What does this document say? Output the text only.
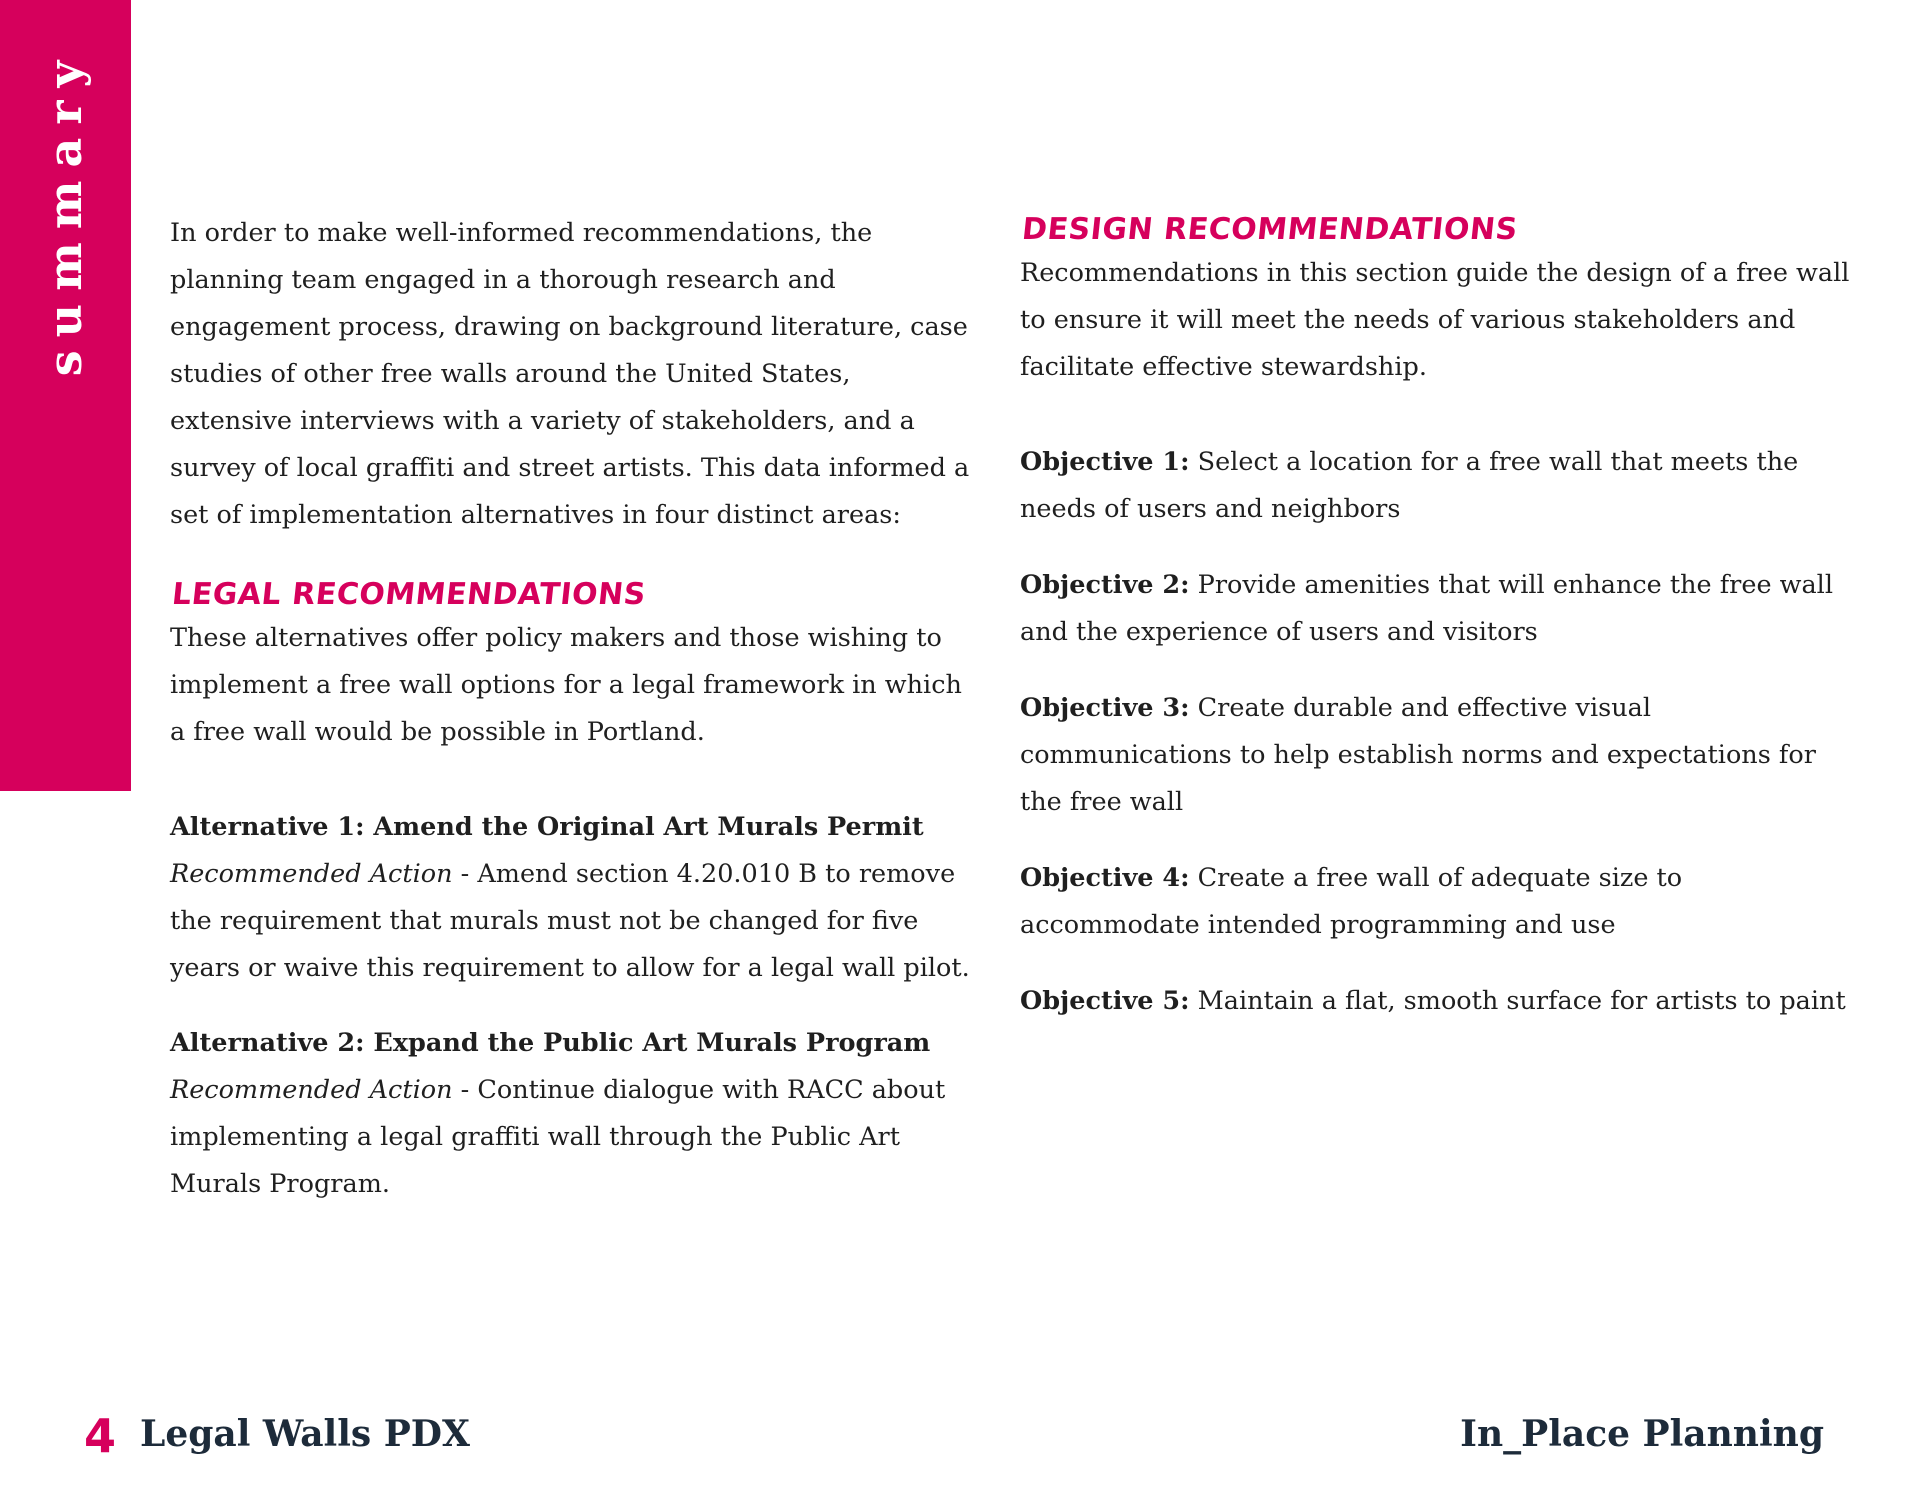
summary	In order to make well-informed recommendations, the planning team engaged in a thorough research and engagement process, drawing on background literature, case studies of other free walls around the United States, extensive interviews with a variety of stakeholders, and a survey of local graffiti and street artists. This data informed a set of implementation alternatives in four distinct areas:

LEGAL RECOMMENDATIONS

These alternatives offer policy makers and those wishing to implement a free wall options for a legal framework in which a free wall would be possible in Portland.

Alternative 1: Amend the Original Art Murals Permit

Recommended Action - Amend section 4.20.010 B to remove the requirement that murals must not be changed for five years or waive this requirement to allow for a legal wall pilot.

Alternative 2: Expand the Public Art Murals Program

Recommended Action - Continue dialogue with RACC about implementing a legal graffiti wall through the Public Art Murals Program.

DESIGN RECOMMENDATIONS

Recommendations in this section guide the design of a free wall to ensure it will meet the needs of various stakeholders and facilitate effective stewardship.

Objective 1: Select a location for a free wall that meets the needs of users and neighbors

Objective 2: Provide amenities that will enhance the free wall and the experience of users and visitors

Objective 3: Create durable and effective visual communications to help establish norms and expectations for the free wall

Objective 4: Create a free wall of adequate size to accommodate intended programming and use

Objective 5: Maintain a flat, smooth surface for artists to paint

4 Legal Walls PDX	In_Place Planning
